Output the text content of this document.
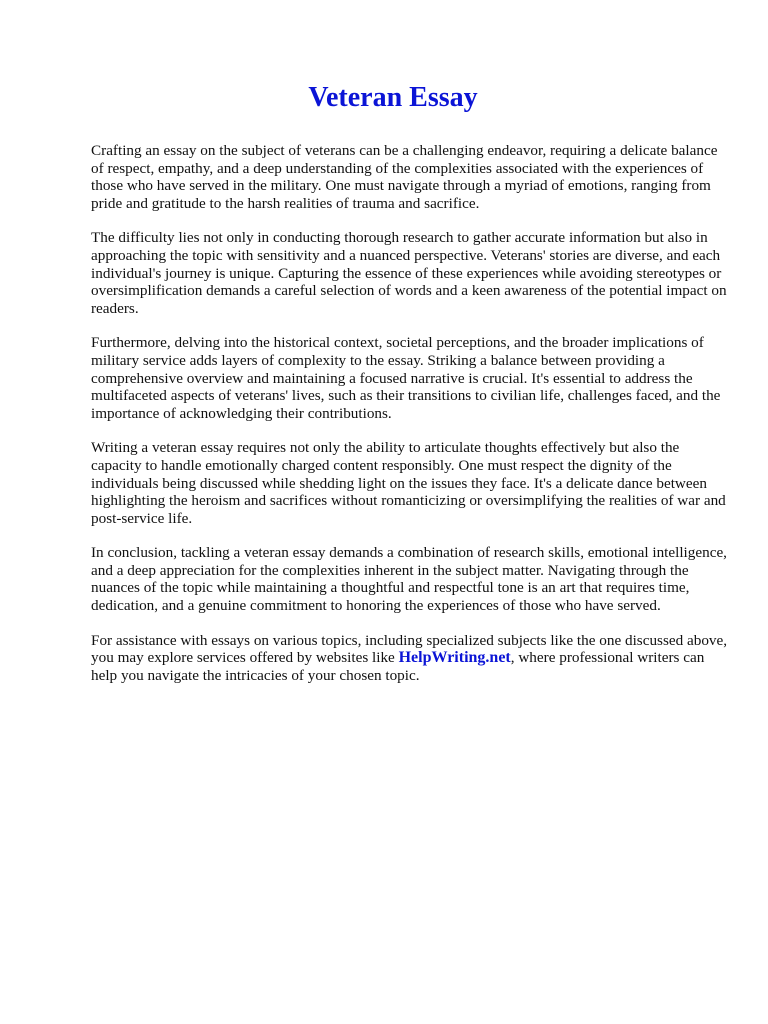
Veteran Essay

Crafting an essay on the subject of veterans can be a challenging endeavor, requiring a delicate balance of respect, empathy, and a deep understanding of the complexities associated with the experiences of those who have served in the military. One must navigate through a myriad of emotions, ranging from pride and gratitude to the harsh realities of trauma and sacrifice.

The difficulty lies not only in conducting thorough research to gather accurate information but also in approaching the topic with sensitivity and a nuanced perspective. Veterans' stories are diverse, and each individual's journey is unique. Capturing the essence of these experiences while avoiding stereotypes or oversimplification demands a careful selection of words and a keen awareness of the potential impact on readers.

Furthermore, delving into the historical context, societal perceptions, and the broader implications of military service adds layers of complexity to the essay. Striking a balance between providing a comprehensive overview and maintaining a focused narrative is crucial. It's essential to address the multifaceted aspects of veterans' lives, such as their transitions to civilian life, challenges faced, and the importance of acknowledging their contributions.

Writing a veteran essay requires not only the ability to articulate thoughts effectively but also the capacity to handle emotionally charged content responsibly. One must respect the dignity of the individuals being discussed while shedding light on the issues they face. It's a delicate dance between highlighting the heroism and sacrifices without romanticizing or oversimplifying the realities of war and post-service life.

In conclusion, tackling a veteran essay demands a combination of research skills, emotional intelligence, and a deep appreciation for the complexities inherent in the subject matter. Navigating through the nuances of the topic while maintaining a thoughtful and respectful tone is an art that requires time, dedication, and a genuine commitment to honoring the experiences of those who have served.

For assistance with essays on various topics, including specialized subjects like the one discussed above, you may explore services offered by websites like HelpWriting.net, where professional writers can help you navigate the intricacies of your chosen topic.
